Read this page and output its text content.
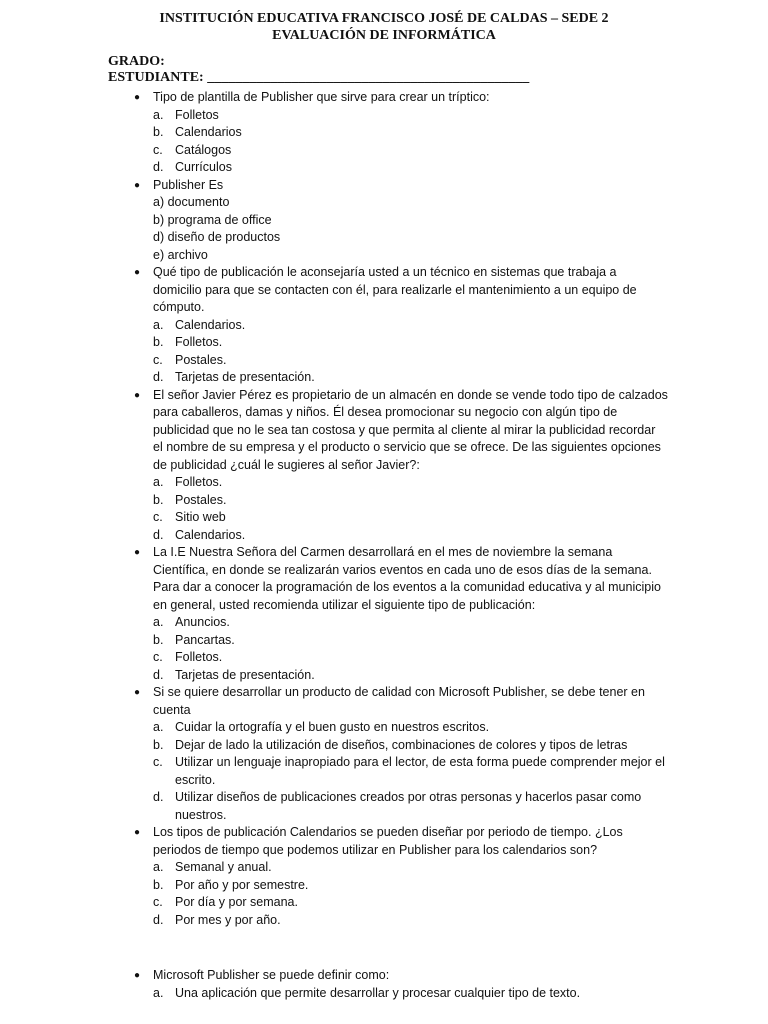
INSTITUCIÓN EDUCATIVA FRANCISCO JOSÉ DE CALDAS – SEDE 2
EVALUACIÓN DE INFORMÁTICA
GRADO:
ESTUDIANTE: ______________________________________________
●	Tipo de plantilla de Publisher que sirve para crear un tríptico:
a. Folletos
b. Calendarios
c. Catálogos
d. Currículos
●	Publisher Es
a) documento
b) programa de office
d) diseño de productos
e) archivo
●	Qué tipo de publicación le aconsejaría usted a un técnico en sistemas que trabaja a domicilio para que se contacten con él, para realizarle el mantenimiento a un equipo de cómputo.
a. Calendarios.
b. Folletos.
c. Postales.
d. Tarjetas de presentación.
●	El señor Javier Pérez es propietario de un almacén en donde se vende todo tipo de calzados para caballeros, damas y niños. Él desea promocionar su negocio con algún tipo de publicidad que no le sea tan costosa y que permita al cliente al mirar la publicidad recordar el nombre de su empresa y el producto o servicio que se ofrece. De las siguientes opciones de publicidad ¿cuál le sugieres al señor Javier?:
a. Folletos.
b. Postales.
c. Sitio web
d. Calendarios.
●	La I.E Nuestra Señora del Carmen desarrollará en el mes de noviembre la semana Científica, en donde se realizarán varios eventos en cada uno de esos días de la semana. Para dar a conocer la programación de los eventos a la comunidad educativa y al municipio en general, usted recomienda utilizar el siguiente tipo de publicación:
a. Anuncios.
b. Pancartas.
c. Folletos.
d. Tarjetas de presentación.
●	Si se quiere desarrollar un producto de calidad con Microsoft Publisher, se debe tener en cuenta
a. Cuidar la ortografía y el buen gusto en nuestros escritos.
b. Dejar de lado la utilización de diseños, combinaciones de colores y tipos de letras
c. Utilizar un lenguaje inapropiado para el lector, de esta forma puede comprender mejor el escrito.
d. Utilizar diseños de publicaciones creados por otras personas y hacerlos pasar como nuestros.
●	Los tipos de publicación Calendarios se pueden diseñar por periodo de tiempo. ¿Los periodos de tiempo que podemos utilizar en Publisher para los calendarios son?
a. Semanal y anual.
b. Por año y por semestre.
c. Por día y por semana.
d. Por mes y por año.
●	Microsoft Publisher se puede definir como:
a. Una aplicación que permite desarrollar y procesar cualquier tipo de texto.
